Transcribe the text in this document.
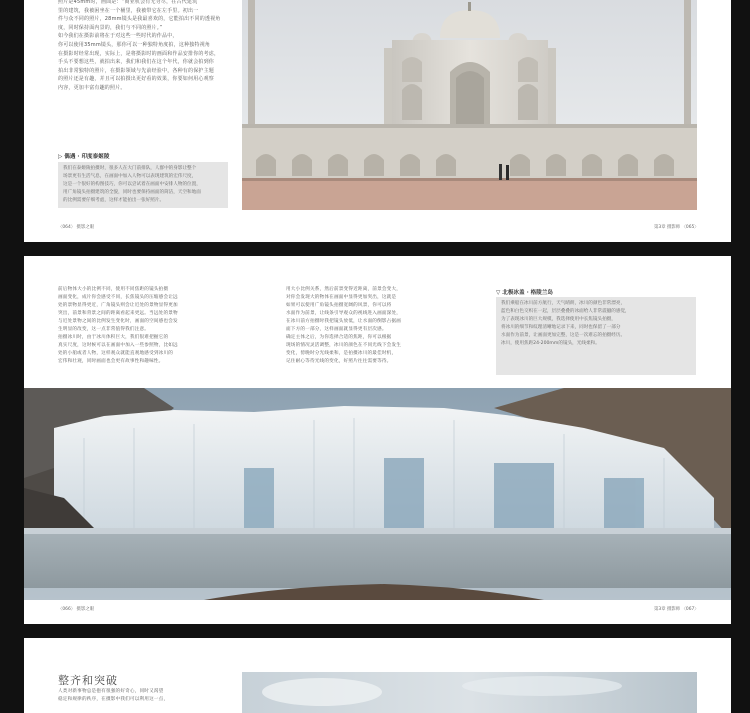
照片是45mm时，画面是：“商业机会有无穷尽，在古代建筑

里的建筑，我被困坐在一个桶里，我被带它在左手里。初出一

件与众不同的照片，28mm镜头是我最喜欢的，它能拍出不同的透视角

度，同时保持面内景的，我们与不同的照片。”

如今我们在摄影前将在于对这些一些时代的作品中，

你可以使用35mm镜头，那你可以一种独特角度拍，这种独特视角

在摄影时经常出现，实际上，是将摄影时的画面和作品安排你的考虑，

手头不要想这些，就拍出来，我们和我们在这个年代，你就会拍到你

拍出非常独特的照片，在摄影领域与先前经验中，各种有的保护主题

的照片还是有趣，并且可以拍摄出更好看的效果，你要如何用心观察

内容，更加丰富有趣的照片。

▷ 偶遇 · 印度泰姬陵
我们在泰姬陵拍摄时，很多人在大门前排队，人群中的身影让整个
场景更有生活气息，在画面中加入人物可以表现建筑的宏伟尺度，
这是一个很好的构图技巧，你可以尝试着在画面中安排人物的位置，
用广角镜头拍摄建筑的全貌，同时也要保持画面的简洁，天空和地面
的比例需要仔细考虑，这样才能拍出一张好照片。
〈064〉 摄影之眼	第3章 摄影师 〈065〉

前后物体大小的比例不同，使用不同焦距的镜头拍摄

画面变化，成片你会感受不同，长焦镜头的压缩感会让远

处的景物显得更近，广角镜头则会让近处的景物显得更加

突出，前景和背景之间的距离看起来更远。当远处的景物

与近处景物之间的比例发生变化时，画面的空间感也会发

生明显的改变，这一点非常值得我们注意。

拍摄冰川时，由于冰川体积巨大，我们很难把握它的

真实尺度，这时候可以在画面中加入一些参照物，比如远

处的小船或者人物，这样观众就能直观地感受到冰川的

宏伟和壮观，同时画面也会更有故事性和趣味性。

用大小比例关系，然后前景变得近距离，前景会变大，

对你会发现大的物体在画面中显得更加突出，这就是

如果可以使用广角镜头拍摄宽阔的风景，你可以将

水面作为前景，让线条引导观众的视线进入画面深处，

在冰川前方拍摄时我把镜头放低，让水面的倒影占据画

面下方的一部分，这样画面就显得更有层次感。

确定主体之后，为你选择合适的焦距，你可以根据

现场的情况灵活调整，冰川的颜色在不同光线下会发生

变化，傍晚时分光线柔和，是拍摄冰川的最佳时机，

记住耐心等待光线的变化，好照片往往需要等待。

▽ 北极冰盖 · 格陵兰岛
我们乘船在冰川前方航行，天气晴朗，冰川的颜色非常漂亮，
蓝色和白色交织在一起，层层叠叠的冰面给人非常震撼的感觉，
为了表现冰川的巨大规模，我选择使用中长焦镜头拍摄，
将冰川的细节和纹理清晰地记录下来，同时也保留了一部分
水面作为前景，让画面更加完整，这是一次难忘的拍摄经历。
冰川，使用焦距24-200mm的镜头，光线柔和。
〈066〉 摄影之眼	第3章 摄影师 〈067〉
整齐和突破

人类对新事物总是抱有很强的好奇心，同时又渴望

稳定和规律的秩序，在摄影中我们可以利用这一点，
